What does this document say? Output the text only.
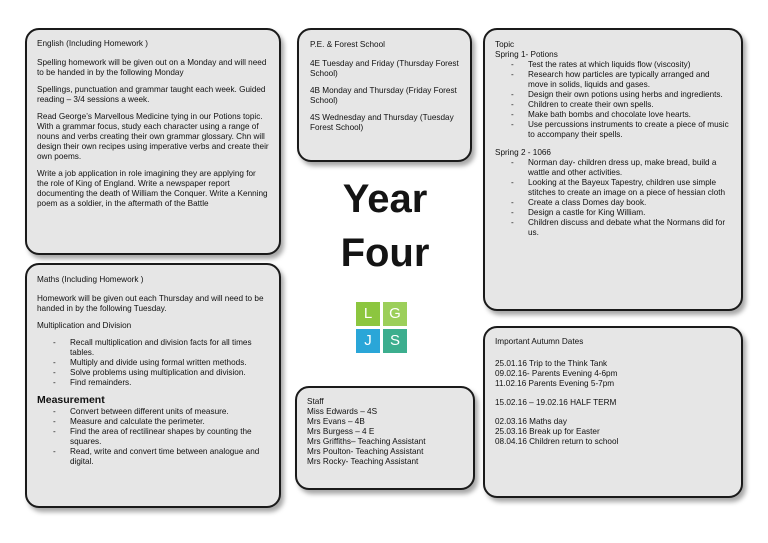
English (Including Homework )

Spelling homework will be given out on a Monday and will need to be handed in by the following Monday

Spellings, punctuation and grammar taught each week. Guided reading – 3/4 sessions a week.

Read George’s Marvellous Medicine tying in our Potions topic. With a grammar focus, study each character using a range of nouns and verbs creating their own grammar glossary. Chn will design their own recipes using imperative verbs and create their own poems.

Write a job application in role imagining they are applying for the role of King of England. Write a newspaper report documenting the death of William the Conquer. Write a Kenning poem as a soldier, in the aftermath of the Battle

Maths (Including Homework )

Homework will be given out each Thursday and will need to be handed in by the following Tuesday.

Multiplication and Division

- Recall multiplication and division facts for all times tables.
- Multiply and divide using formal written methods.
- Solve problems using multiplication and division.
- Find remainders.
Measurement
- Convert between different units of measure.
- Measure and calculate the perimeter.
- Find the area of rectilinear shapes by counting the squares.
- Read, write and convert time between analogue and digital.

P.E. & Forest School

4E Tuesday and Friday (Thursday Forest School)

4B Monday and Thursday (Friday Forest School)

4S Wednesday and Thursday (Tuesday Forest School)

Year
Four
L	G
J	S

Staff

Miss Edwards – 4S

Mrs Evans – 4B

Mrs Burgess – 4 E

Mrs Griffiths– Teaching Assistant

Mrs Poulton- Teaching Assistant

Mrs Rocky- Teaching Assistant

Topic

Spring 1- Potions

- Test the rates at which liquids flow (viscosity)
- Research how particles are typically arranged and move in solids, liquids and gases.
- Design their own potions using herbs and ingredients.
- Children to create their own spells.
- Make bath bombs and chocolate love hearts.
- Use percussions instruments to create a piece of music to accompany their spells.

Spring 2 - 1066

- Norman day- children dress up, make bread, build a wattle and other activities.
- Looking at the Bayeux Tapestry, children use simple stitches to create an image on a piece of hessian cloth
- Create a class Domes day book.
- Design a castle for King William.
- Children discuss and debate what the Normans did for us.

Important Autumn Dates

25.01.16 Trip to the Think Tank
09.02.16- Parents Evening 4-6pm
11.02.16 Parents Evening 5-7pm
15.02.16 – 19.02.16 HALF TERM
02.03.16 Maths day
25.03.16 Break up for Easter
08.04.16 Children return to school
